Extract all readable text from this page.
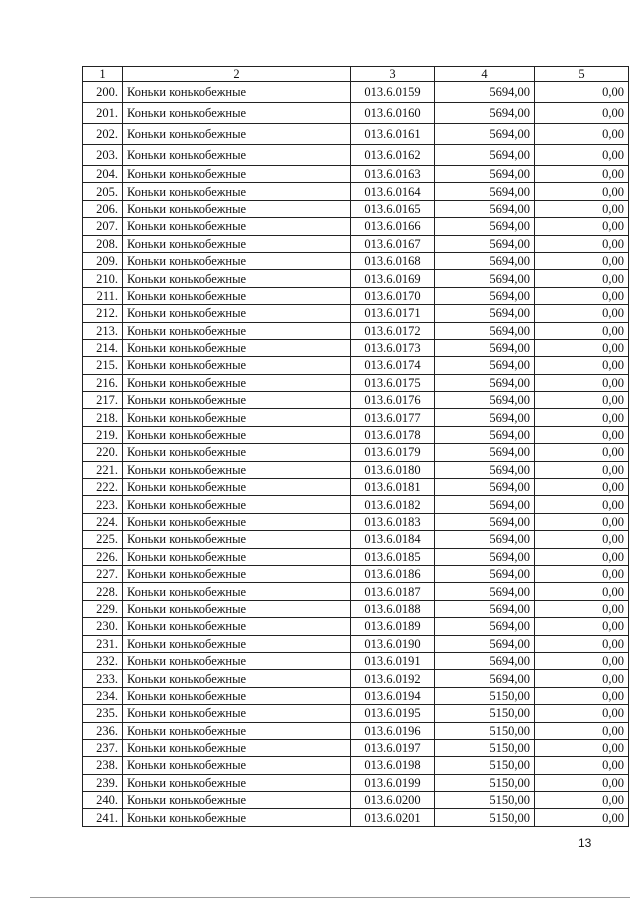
1	2	3	4	5
200.	Коньки конькобежные	013.6.0159	5694,00	0,00
201.	Коньки конькобежные	013.6.0160	5694,00	0,00
202.	Коньки конькобежные	013.6.0161	5694,00	0,00
203.	Коньки конькобежные	013.6.0162	5694,00	0,00
204.	Коньки конькобежные	013.6.0163	5694,00	0,00
205.	Коньки конькобежные	013.6.0164	5694,00	0,00
206.	Коньки конькобежные	013.6.0165	5694,00	0,00
207.	Коньки конькобежные	013.6.0166	5694,00	0,00
208.	Коньки конькобежные	013.6.0167	5694,00	0,00
209.	Коньки конькобежные	013.6.0168	5694,00	0,00
210.	Коньки конькобежные	013.6.0169	5694,00	0,00
211.	Коньки конькобежные	013.6.0170	5694,00	0,00
212.	Коньки конькобежные	013.6.0171	5694,00	0,00
213.	Коньки конькобежные	013.6.0172	5694,00	0,00
214.	Коньки конькобежные	013.6.0173	5694,00	0,00
215.	Коньки конькобежные	013.6.0174	5694,00	0,00
216.	Коньки конькобежные	013.6.0175	5694,00	0,00
217.	Коньки конькобежные	013.6.0176	5694,00	0,00
218.	Коньки конькобежные	013.6.0177	5694,00	0,00
219.	Коньки конькобежные	013.6.0178	5694,00	0,00
220.	Коньки конькобежные	013.6.0179	5694,00	0,00
221.	Коньки конькобежные	013.6.0180	5694,00	0,00
222.	Коньки конькобежные	013.6.0181	5694,00	0,00
223.	Коньки конькобежные	013.6.0182	5694,00	0,00
224.	Коньки конькобежные	013.6.0183	5694,00	0,00
225.	Коньки конькобежные	013.6.0184	5694,00	0,00
226.	Коньки конькобежные	013.6.0185	5694,00	0,00
227.	Коньки конькобежные	013.6.0186	5694,00	0,00
228.	Коньки конькобежные	013.6.0187	5694,00	0,00
229.	Коньки конькобежные	013.6.0188	5694,00	0,00
230.	Коньки конькобежные	013.6.0189	5694,00	0,00
231.	Коньки конькобежные	013.6.0190	5694,00	0,00
232.	Коньки конькобежные	013.6.0191	5694,00	0,00
233.	Коньки конькобежные	013.6.0192	5694,00	0,00
234.	Коньки конькобежные	013.6.0194	5150,00	0,00
235.	Коньки конькобежные	013.6.0195	5150,00	0,00
236.	Коньки конькобежные	013.6.0196	5150,00	0,00
237.	Коньки конькобежные	013.6.0197	5150,00	0,00
238.	Коньки конькобежные	013.6.0198	5150,00	0,00
239.	Коньки конькобежные	013.6.0199	5150,00	0,00
240.	Коньки конькобежные	013.6.0200	5150,00	0,00
241.	Коньки конькобежные	013.6.0201	5150,00	0,00
13
